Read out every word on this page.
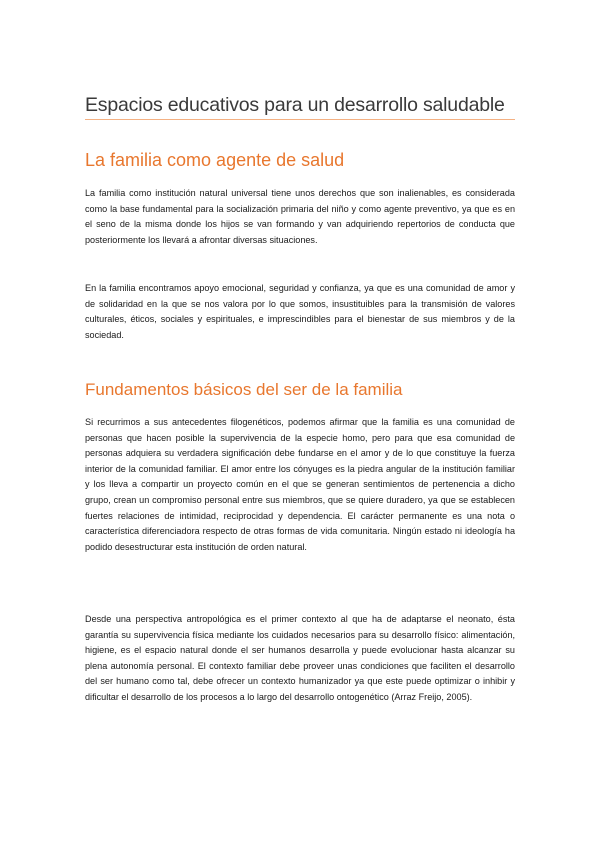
Espacios educativos para un desarrollo saludable
La familia como agente de salud

La familia como institución natural universal tiene unos derechos que son inalienables, es considerada como la base fundamental para la socialización primaria del niño y como agente preventivo, ya que es en el seno de la misma donde los hijos se van formando y van adquiriendo repertorios de conducta que posteriormente los llevará a afrontar diversas situaciones.

En la familia encontramos apoyo emocional, seguridad y confianza, ya que es una comunidad de amor y de solidaridad en la que se nos valora por lo que somos, insustituibles para la transmisión de valores culturales, éticos, sociales y espirituales, e imprescindibles para el bienestar de sus miembros y de la sociedad.

Fundamentos básicos del ser de la familia

Si recurrimos a sus antecedentes filogenéticos, podemos afirmar que la familia es una comunidad de personas que hacen posible la supervivencia de la especie homo, pero para que esa comunidad de personas adquiera su verdadera significación debe fundarse en el amor y de lo que constituye la fuerza interior de la comunidad familiar. El amor entre los cónyuges es la piedra angular de la institución familiar y los lleva a compartir un proyecto común en el que se generan sentimientos de pertenencia a dicho grupo, crean un compromiso personal entre sus miembros, que se quiere duradero, ya que se establecen fuertes relaciones de intimidad, reciprocidad y dependencia. El carácter permanente es una nota o característica diferenciadora respecto de otras formas de vida comunitaria. Ningún estado ni ideología ha podido desestructurar esta institución de orden natural.

Desde una perspectiva antropológica es el primer contexto al que ha de adaptarse el neonato, ésta garantía su supervivencia física mediante los cuidados necesarios para su desarrollo físico: alimentación, higiene, es el espacio natural donde el ser humanos desarrolla y puede evolucionar hasta alcanzar su plena autonomía personal. El contexto familiar debe proveer unas condiciones que faciliten el desarrollo del ser humano como tal, debe ofrecer un contexto humanizador ya que este puede optimizar o inhibir y dificultar el desarrollo de los procesos a lo largo del desarrollo ontogenético (Arraz Freijo, 2005).
